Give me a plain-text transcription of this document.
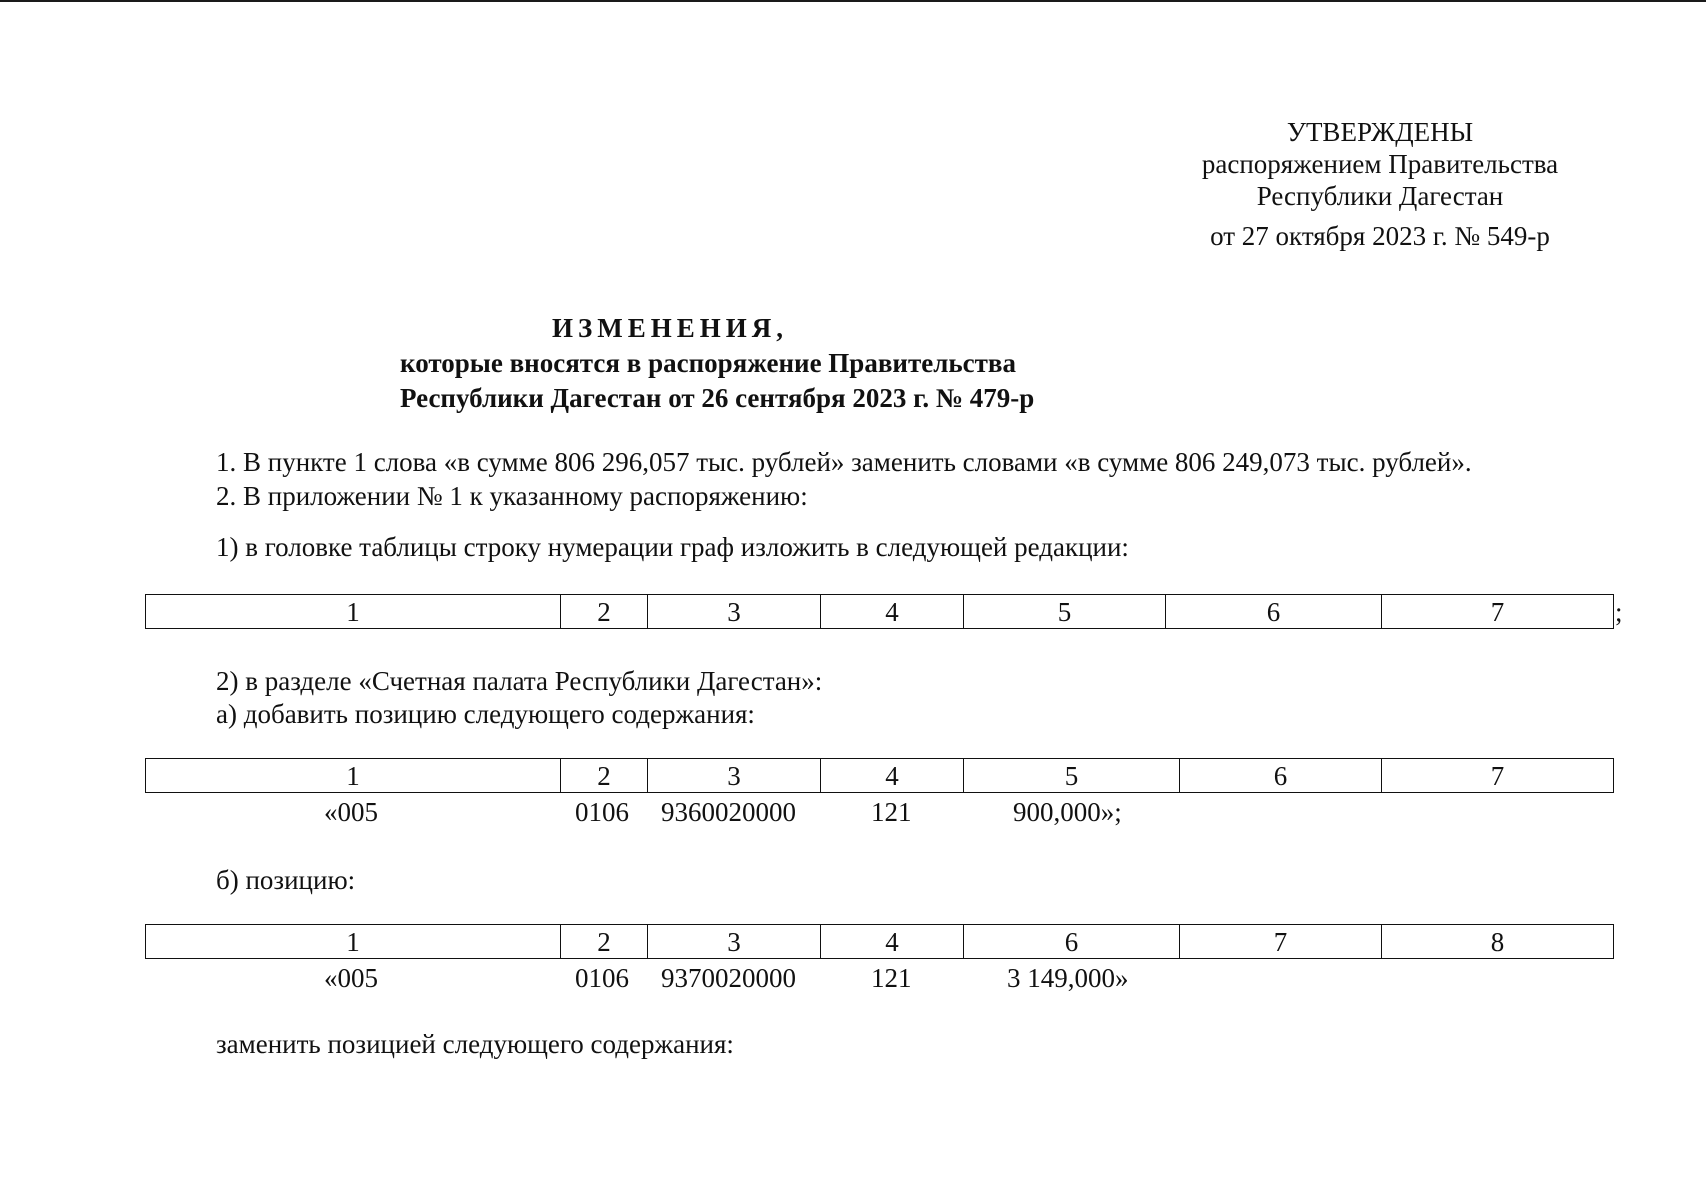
УТВЕРЖДЕНЫ
распоряжением Правительства
Республики Дагестан
от 27 октября 2023 г. № 549-р
ИЗМЕНЕНИЯ,
которые вносятся в распоряжение Правительства
Республики Дагестан от 26 сентября 2023 г. № 479-р
1. В пункте 1 слова «в сумме 806 296,057 тыс. рублей» заменить словами «в сумме 806 249,073 тыс. рублей».
2. В приложении № 1 к указанному распоряжению:
1) в головке таблицы строку нумерации граф изложить в следующей редакции:
1	2	3	4	5	6	7	;
2) в разделе «Счетная палата Республики Дагестан»:
а) добавить позицию следующего содержания:
1	2	3	4	5	6	7
«005	0106 9360020000	121	900,000»;
б) позицию:
1	2	3	4	6	7	8
«005	0106 9370020000	121	3 149,000»
заменить позицией следующего содержания:
